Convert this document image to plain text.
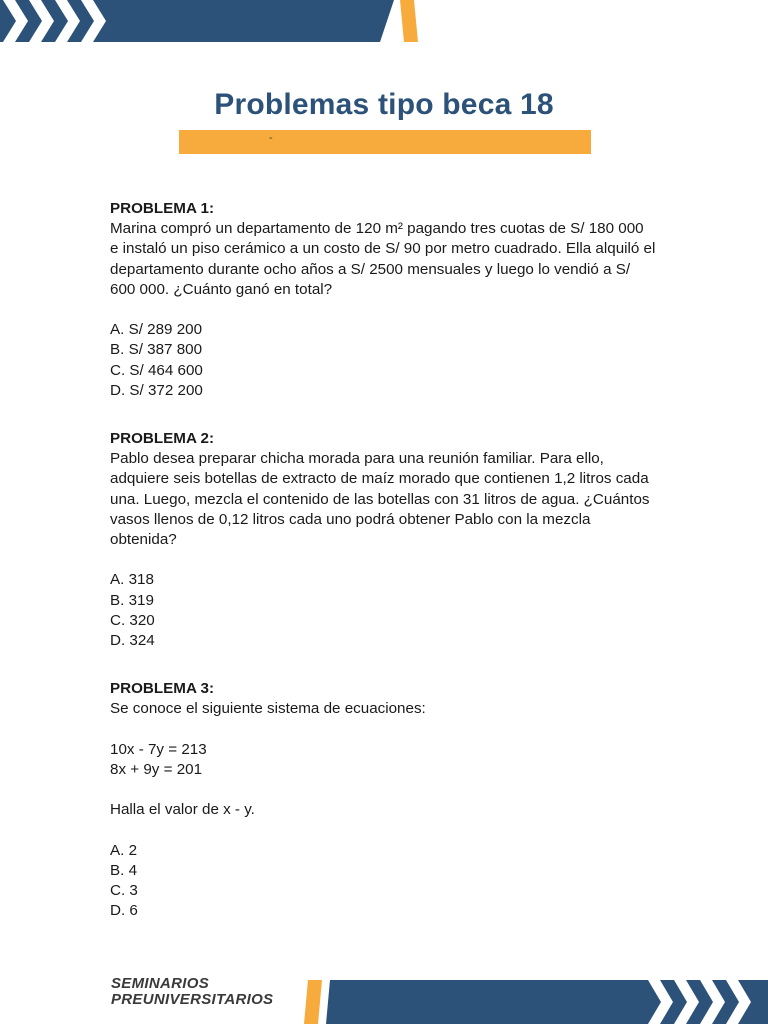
Problemas tipo beca 18
-

PROBLEMA 1:

Marina compró un departamento de 120 m² pagando tres cuotas de S/ 180 000

e instaló un piso cerámico a un costo de S/ 90 por metro cuadrado. Ella alquiló el

departamento durante ocho años a S/ 2500 mensuales y luego lo vendió a S/

600 000. ¿Cuánto ganó en total?

A. S/ 289 200

B. S/ 387 800

C. S/ 464 600

D. S/ 372 200

PROBLEMA 2:

Pablo desea preparar chicha morada para una reunión familiar. Para ello,

adquiere seis botellas de extracto de maíz morado que contienen 1,2 litros cada

una. Luego, mezcla el contenido de las botellas con 31 litros de agua. ¿Cuántos

vasos llenos de 0,12 litros cada uno podrá obtener Pablo con la mezcla

obtenida?

A. 318

B. 319

C. 320

D. 324

PROBLEMA 3:

Se conoce el siguiente sistema de ecuaciones:

10x - 7y = 213

8x + 9y = 201

Halla el valor de x - y.

A. 2

B. 4

C. 3

D. 6

SEMINARIOS
PREUNIVERSITARIOS
